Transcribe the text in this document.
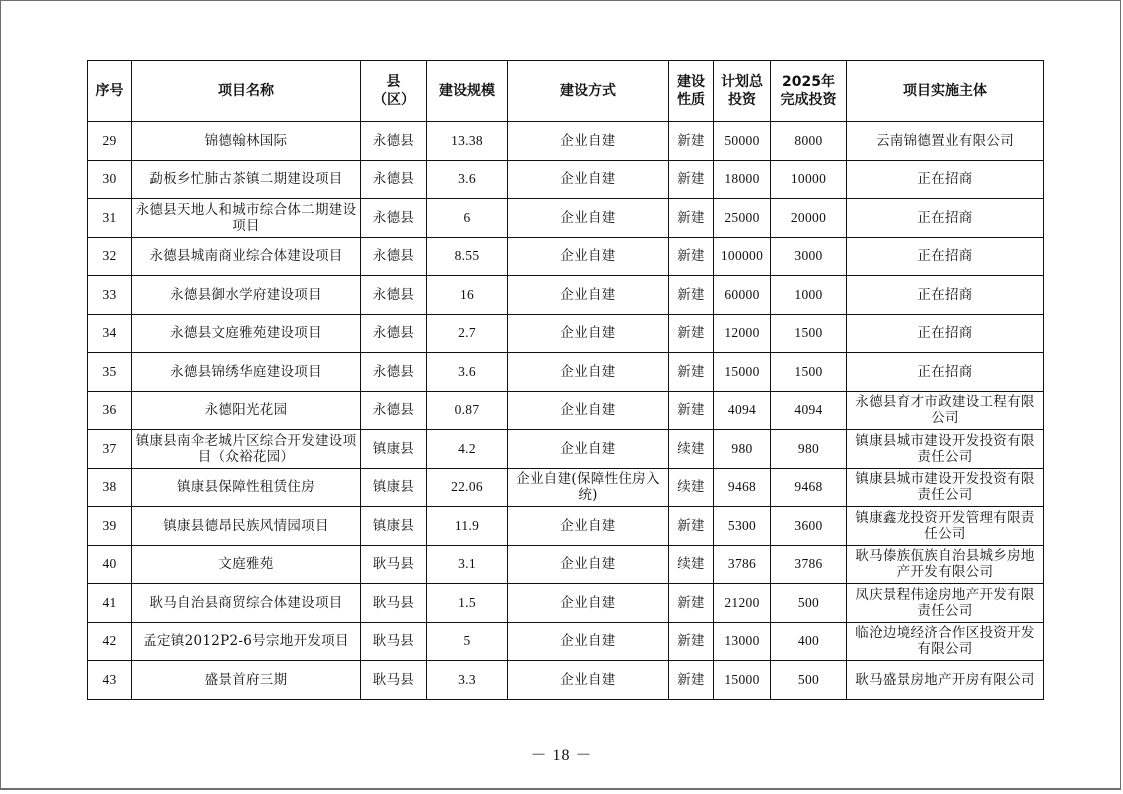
序号	项目名称	县（区）	建设规模	建设方式	建设性质	计划总投资	2025年完成投资	项目实施主体
29	锦德翰林国际	永德县	13.38	企业自建	新建	50000	8000	云南锦德置业有限公司
30	勐板乡忙肺古茶镇二期建设项目	永德县	3.6	企业自建	新建	18000	10000	正在招商
31	永德县天地人和城市综合体二期建设项目	永德县	6	企业自建	新建	25000	20000	正在招商
32	永德县城南商业综合体建设项目	永德县	8.55	企业自建	新建	100000	3000	正在招商
33	永德县御水学府建设项目	永德县	16	企业自建	新建	60000	1000	正在招商
34	永德县文庭雅苑建设项目	永德县	2.7	企业自建	新建	12000	1500	正在招商
35	永德县锦绣华庭建设项目	永德县	3.6	企业自建	新建	15000	1500	正在招商
36	永德阳光花园	永德县	0.87	企业自建	新建	4094	4094	永德县育才市政建设工程有限公司
37	镇康县南伞老城片区综合开发建设项目（众裕花园）	镇康县	4.2	企业自建	续建	980	980	镇康县城市建设开发投资有限责任公司
38	镇康县保障性租赁住房	镇康县	22.06	企业自建(保障性住房入统)	续建	9468	9468	镇康县城市建设开发投资有限责任公司
39	镇康县德昂民族风情园项目	镇康县	11.9	企业自建	新建	5300	3600	镇康鑫龙投资开发管理有限责任公司
40	文庭雅苑	耿马县	3.1	企业自建	续建	3786	3786	耿马傣族佤族自治县城乡房地产开发有限公司
41	耿马自治县商贸综合体建设项目	耿马县	1.5	企业自建	新建	21200	500	凤庆景程伟途房地产开发有限责任公司
42	孟定镇2012P2-6号宗地开发项目	耿马县	5	企业自建	新建	13000	400	临沧边境经济合作区投资开发有限公司
43	盛景首府三期	耿马县	3.3	企业自建	新建	15000	500	耿马盛景房地产开房有限公司
－ 18 －
